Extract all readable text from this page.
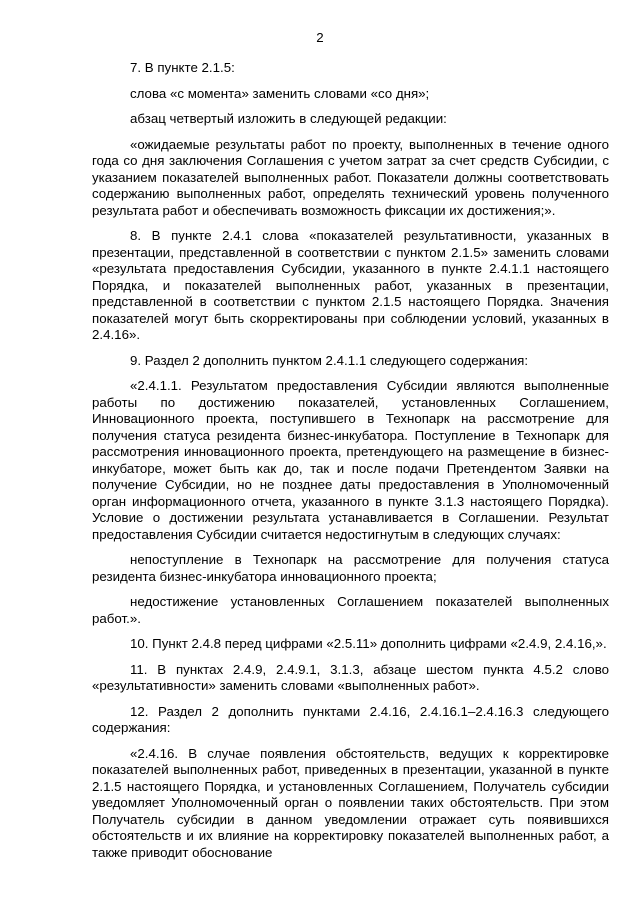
2

7. В пункте 2.1.5:

слова «с момента» заменить словами «со дня»;

абзац четвертый изложить в следующей редакции:

«ожидаемые результаты работ по проекту, выполненных в течение одного года со дня заключения Соглашения с учетом затрат за счет средств Субсидии, с указанием показателей выполненных работ. Показатели должны соответствовать содержанию выполненных работ, определять технический уровень полученного результата работ и обеспечивать возможность фиксации их достижения;».

8. В пункте 2.4.1 слова «показателей результативности, указанных в презентации, представленной в соответствии с пунктом 2.1.5» заменить словами «результата предоставления Субсидии, указанного в пункте 2.4.1.1 настоящего Порядка, и показателей выполненных работ, указанных в презентации, представленной в соответствии с пунктом 2.1.5 настоящего Порядка. Значения показателей могут быть скорректированы при соблюдении условий, указанных в 2.4.16».

9. Раздел 2 дополнить пунктом 2.4.1.1 следующего содержания:

«2.4.1.1. Результатом предоставления Субсидии являются выполненные работы по достижению показателей, установленных Соглашением, Инновационного проекта, поступившего в Технопарк на рассмотрение для получения статуса резидента бизнес-инкубатора. Поступление в Технопарк для рассмотрения инновационного проекта, претендующего на размещение в бизнес-инкубаторе, может быть как до, так и после подачи Претендентом Заявки на получение Субсидии, но не позднее даты предоставления в Уполномоченный орган информационного отчета, указанного в пункте 3.1.3 настоящего Порядка). Условие о достижении результата устанавливается в Соглашении. Результат предоставления Субсидии считается недостигнутым в следующих случаях:

непоступление в Технопарк на рассмотрение для получения статуса резидента бизнес-инкубатора инновационного проекта;

недостижение установленных Соглашением показателей выполненных работ.».

10. Пункт 2.4.8 перед цифрами «2.5.11» дополнить цифрами «2.4.9, 2.4.16,».

11. В пунктах 2.4.9, 2.4.9.1, 3.1.3, абзаце шестом пункта 4.5.2 слово «результативности» заменить словами «выполненных работ».

12. Раздел 2 дополнить пунктами 2.4.16, 2.4.16.1–2.4.16.3 следующего содержания:

«2.4.16. В случае появления обстоятельств, ведущих к корректировке показателей выполненных работ, приведенных в презентации, указанной в пункте 2.1.5 настоящего Порядка, и установленных Соглашением, Получатель субсидии уведомляет Уполномоченный орган о появлении таких обстоятельств. При этом Получатель субсидии в данном уведомлении отражает суть появившихся обстоятельств и их влияние на корректировку показателей выполненных работ, а также приводит обоснование
